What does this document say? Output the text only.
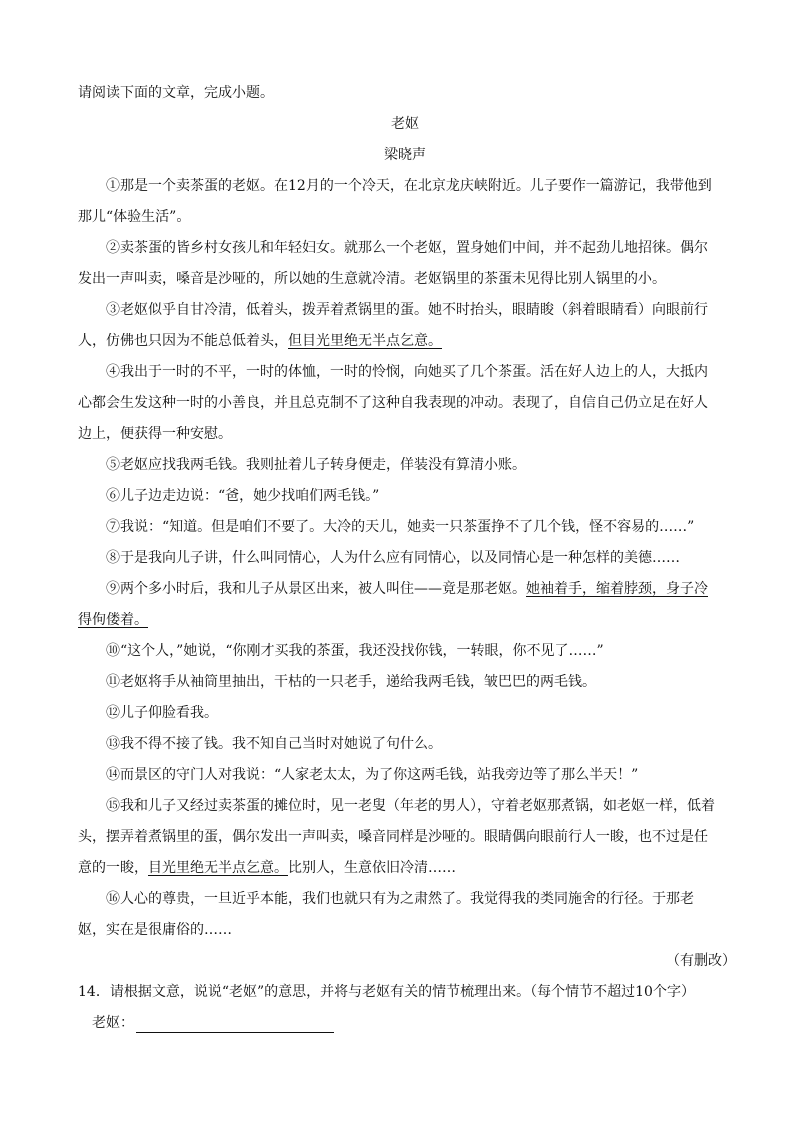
请阅读下面的文章，完成小题。
老妪
梁晓声
①那是一个卖茶蛋的老妪。在12月的一个冷天，在北京龙庆峡附近。儿子要作一篇游记，我带他到
那儿“体验生活”。
②卖茶蛋的皆乡村女孩儿和年轻妇女。就那么一个老妪，置身她们中间，并不起劲儿地招徕。偶尔
发出一声叫卖，嗓音是沙哑的，所以她的生意就冷清。老妪锅里的茶蛋未见得比别人锅里的小。
③老妪似乎自甘冷清，低着头，拨弄着煮锅里的蛋。她不时抬头，眼睛睃（斜着眼睛看）向眼前行
人，仿佛也只因为不能总低着头，但目光里绝无半点乞意。
④我出于一时的不平，一时的体恤，一时的怜悯，向她买了几个茶蛋。活在好人边上的人，大抵内
心都会生发这种一时的小善良，并且总克制不了这种自我表现的冲动。表现了，自信自己仍立足在好人
边上，便获得一种安慰。
⑤老妪应找我两毛钱。我则扯着儿子转身便走，佯装没有算清小账。
⑥儿子边走边说：“爸，她少找咱们两毛钱。”
⑦我说：“知道。但是咱们不要了。大冷的天儿，她卖一只茶蛋挣不了几个钱，怪不容易的……”
⑧于是我向儿子讲，什么叫同情心，人为什么应有同情心，以及同情心是一种怎样的美德……
⑨两个多小时后，我和儿子从景区出来，被人叫住——竟是那老妪。她袖着手，缩着脖颈，身子冷
得佝偻着。
⑩“这个人，”她说，“你刚才买我的茶蛋，我还没找你钱，一转眼，你不见了……”
⑪老妪将手从袖筒里抽出，干枯的一只老手，递给我两毛钱，皱巴巴的两毛钱。
⑫儿子仰脸看我。
⑬我不得不接了钱。我不知自己当时对她说了句什么。
⑭而景区的守门人对我说：“人家老太太，为了你这两毛钱，站我旁边等了那么半天！”
⑮我和儿子又经过卖茶蛋的摊位时，见一老叟（年老的男人），守着老妪那煮锅，如老妪一样，低着
头，摆弄着煮锅里的蛋，偶尔发出一声叫卖，嗓音同样是沙哑的。眼睛偶向眼前行人一睃，也不过是任
意的一睃，目光里绝无半点乞意。比别人，生意依旧冷清……
⑯人心的尊贵，一旦近乎本能，我们也就只有为之肃然了。我觉得我的类同施舍的行径。于那老
妪，实在是很庸俗的……
（有删改）
14．请根据文意，说说“老妪”的意思，并将与老妪有关的情节梳理出来。（每个情节不超过10个字）
老妪：
